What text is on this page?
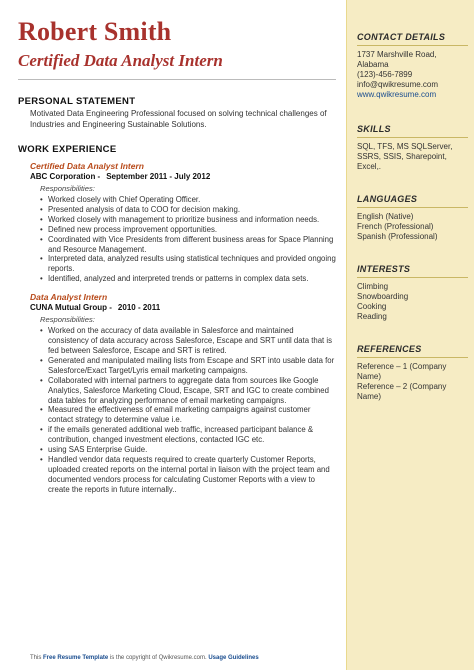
Robert Smith
Certified Data Analyst Intern
PERSONAL STATEMENT
Motivated Data Engineering Professional focused on solving technical challenges of Industries and Engineering Sustainable Solutions.
WORK EXPERIENCE
Certified Data Analyst Intern
ABC Corporation - September 2011 - July 2012
Responsibilities:
• Worked closely with Chief Operating Officer.
• Presented analysis of data to COO for decision making.
• Worked closely with management to prioritize business and information needs.
• Defined new process improvement opportunities.
• Coordinated with Vice Presidents from different business areas for Space Planning and Resource Management.
• Interpreted data, analyzed results using statistical techniques and provided ongoing reports.
• Identified, analyzed and interpreted trends or patterns in complex data sets.
Data Analyst Intern
CUNA Mutual Group - 2010 - 2011
Responsibilities:
• Worked on the accuracy of data available in Salesforce and maintained consistency of data accuracy across Salesforce, Escape and SRT until data that is fed between Salesforce, Escape and SRT is retired.
• Generated and manipulated mailing lists from Escape and SRT into usable data for Salesforce/Exact Target/Lyris email marketing campaigns.
• Collaborated with internal partners to aggregate data from sources like Google Analytics, Salesforce Marketing Cloud, Escape, SRT and IGC to create combined data tables for analyzing performance of email marketing campaigns.
• Measured the effectiveness of email marketing campaigns against customer contact strategy to determine value i.e.
• if the emails generated additional web traffic, increased participant balance & contribution, changed investment elections, contacted IGC etc.
• using SAS Enterprise Guide.
• Handled vendor data requests required to create quarterly Customer Reports, uploaded created reports on the internal portal in liaison with the project team and documented vendors process for calculating Customer Reports with a view to create the reports in future internally..
This Free Resume Template is the copyright of Qwikresume.com. Usage Guidelines
CONTACT DETAILS
1737 Marshville Road,
Alabama
(123)-456-7899
info@qwikresume.com
www.qwikresume.com
SKILLS
SQL, TFS, MS SQLServer,
SSRS, SSIS, Sharepoint,
Excel,.
LANGUAGES
English (Native)
French (Professional)
Spanish (Professional)
INTERESTS
Climbing
Snowboarding
Cooking
Reading
REFERENCES
Reference – 1 (Company
Name)
Reference – 2 (Company
Name)
